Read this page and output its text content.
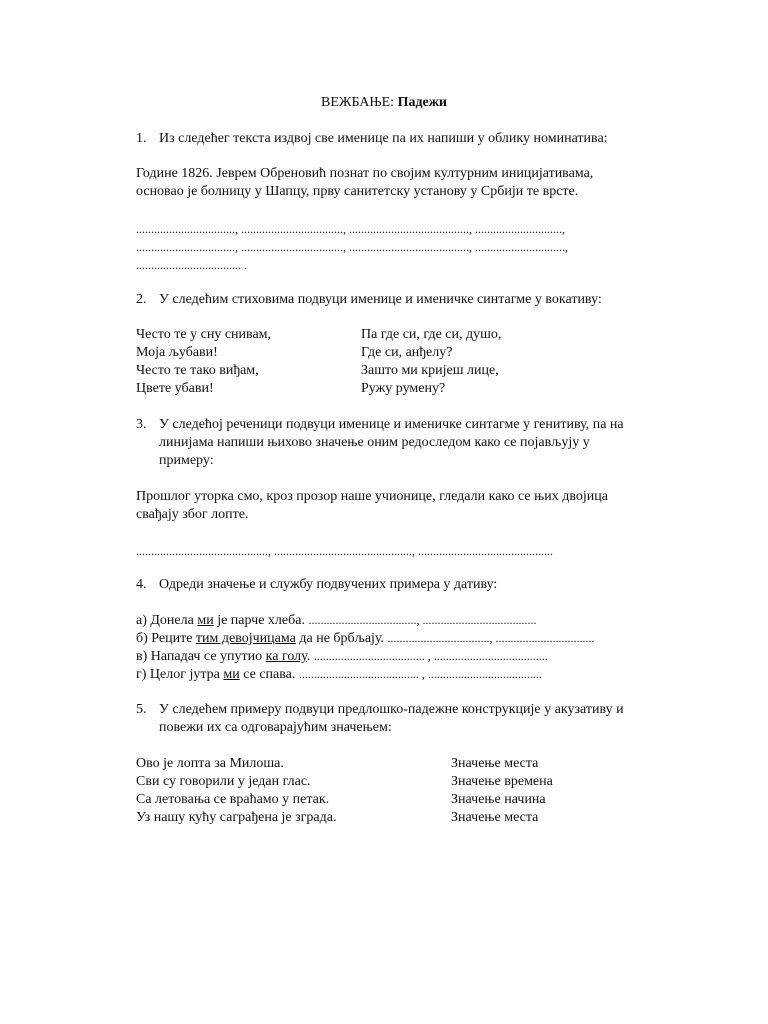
ВЕЖБАЊЕ: Падежи
1. Из следећег текста издвој све именице па их напиши у облику номинатива:
Године 1826. Јеврем Обреновић познат по својим културним иницијативама,
основао је болницу у Шапцу, прву санитетску установу у Србији те врсте.
................................., .................................., ........................................, .............................,
................................., .................................., ........................................, ..............................,
................................... .
2. У следећим стиховима подвуци именице и именичке синтагме у вокативу:
Често те у сну снивам,
Моја љубави!
Често те тако виђам,
Цвете убави!
Па где си, где си, душо,
Где си, анђелу?
Зашто ми криjеш лице,
Ружу румену?
3. У следећој реченици подвуци именице и именичке синтагме у генитиву, па на
линијама напиши њихово значење оним редоследом како се појављују у
примеру:
Прошлог уторка смо, кроз прозор наше учионице, гледали како се њих двојица
свађају због лопте.
............................................, .............................................., .............................................
4. Одреди значење и службу подвучених примера у дативу:
а) Донела ми је парче хлеба. ...................................., ......................................
б) Реците тим девојчицама да не брбљају. .................................., .................................
в) Нападач се упутио ка голу. ..................................... , ......................................
г) Целог јутра ми се спава. ........................................ , ......................................
5. У следећем примеру подвуци предлошко-падежне конструкције у акузативу и
повежи их са одговарајућим значењем:
Ово је лопта за Милоша.
Сви су говорили у један глас.
Са летовања се враћамо у петак.
Уз нашу кућу саграђена је зграда.
Значење места
Значење времена
Значење начина
Значење места
